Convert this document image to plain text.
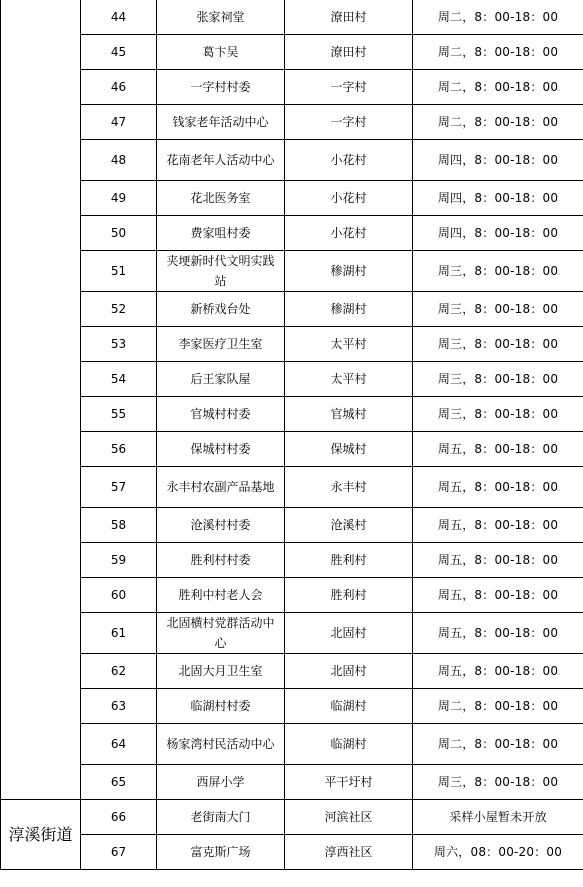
	44	张家祠堂	潦田村	周二，8：00-18：00
	45	葛卞吴	潦田村	周二，8：00-18：00
	46	一字村村委	一字村	周二，8：00-18：00
	47	钱家老年活动中心	一字村	周二，8：00-18：00
	48	花南老年人活动中心	小花村	周四，8：00-18：00
	49	花北医务室	小花村	周四，8：00-18：00
	50	费家咀村委	小花村	周四，8：00-18：00
	51	夹埂新时代文明实践站	䅟湖村	周三，8：00-18：00
	52	新桥戏台处	䅟湖村	周三，8：00-18：00
	53	李家医疗卫生室	太平村	周三，8：00-18：00
	54	后王家队屋	太平村	周三，8：00-18：00
	55	官城村村委	官城村	周三，8：00-18：00
	56	保城村村委	保城村	周五，8：00-18：00
	57	永丰村农副产品基地	永丰村	周五，8：00-18：00
	58	沧溪村村委	沧溪村	周五，8：00-18：00
	59	胜利村村委	胜利村	周五，8：00-18：00
	60	胜利中村老人会	胜利村	周五，8：00-18：00
	61	北固横村党群活动中心	北固村	周五，8：00-18：00
	62	北固大月卫生室	北固村	周五，8：00-18：00
	63	临湖村村委	临湖村	周二，8：00-18：00
	64	杨家湾村民活动中心	临湖村	周二，8：00-18：00
	65	西屏小学	平干圩村	周三，8：00-18：00
淳溪街道	66	老街南大门	河滨社区	采样小屋暂未开放
	67	富克斯广场	淳西社区	周六，08：00-20：00
